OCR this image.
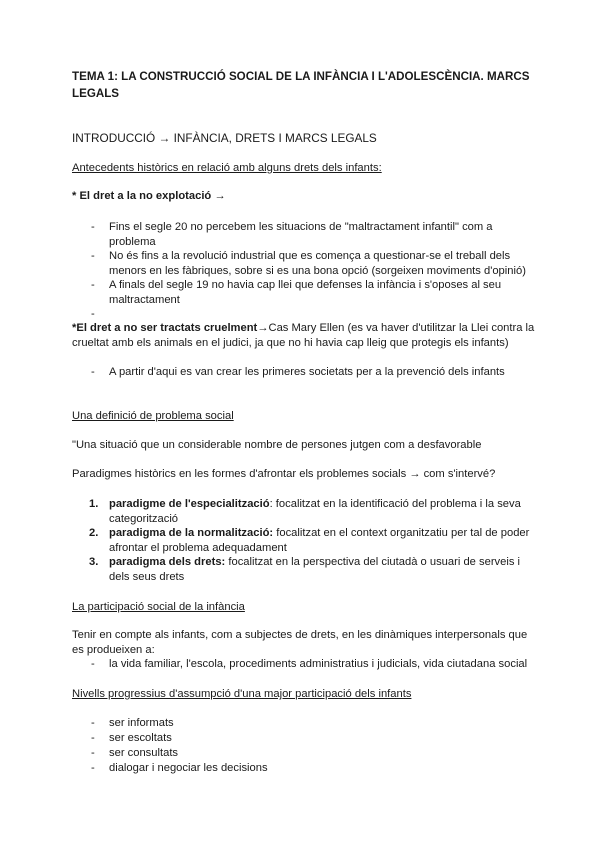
TEMA 1: LA CONSTRUCCIÓ SOCIAL DE LA INFÀNCIA I L'ADOLESCÈNCIA. MARCS LEGALS

INTRODUCCIÓ → INFÀNCIA, DRETS I MARCS LEGALS

Antecedents històrics en relació amb alguns drets dels infants:

* El dret a la no explotació →

- Fins el segle 20 no percebem les situacions de "maltractament infantil" com a problema

- No és fins a la revolució industrial que es comença a questionar-se el treball dels menors en les fàbriques, sobre si es una bona opció (sorgeixen moviments d'opinió)

- A finals del segle 19 no havia cap llei que defenses la infància i s'oposes al seu maltractament

-

*El dret a no ser tractats cruelment→Cas Mary Ellen (es va haver d'utilitzar la Llei contra la crueltat amb els animals en el judici, ja que no hi havia cap lleig que protegis els infants)

- A partir d'aqui es van crear les primeres societats per a la prevenció dels infants

Una definició de problema social

"Una situació que un considerable nombre de persones jutgen com a desfavorable

Paradigmes històrics en les formes d'afrontar els problemes socials → com s'intervé?

1. paradigme de l'especialització: focalitzat en la identificació del problema i la seva categorització

2. paradigma de la normalització: focalitzat en el context organitzatiu per tal de poder afrontar el problema adequadament

3. paradigma dels drets: focalitzat en la perspectiva del ciutadà o usuari de serveis i dels seus drets

La participació social de la infància

Tenir en compte als infants, com a subjectes de drets, en les dinàmiques interpersonals que es produeixen a:

- la vida familiar, l'escola, procediments administratius i judicials, vida ciutadana social

Nivells progressius d'assumpció d'una major participació dels infants

- ser informats

- ser escoltats

- ser consultats

- dialogar i negociar les decisions
